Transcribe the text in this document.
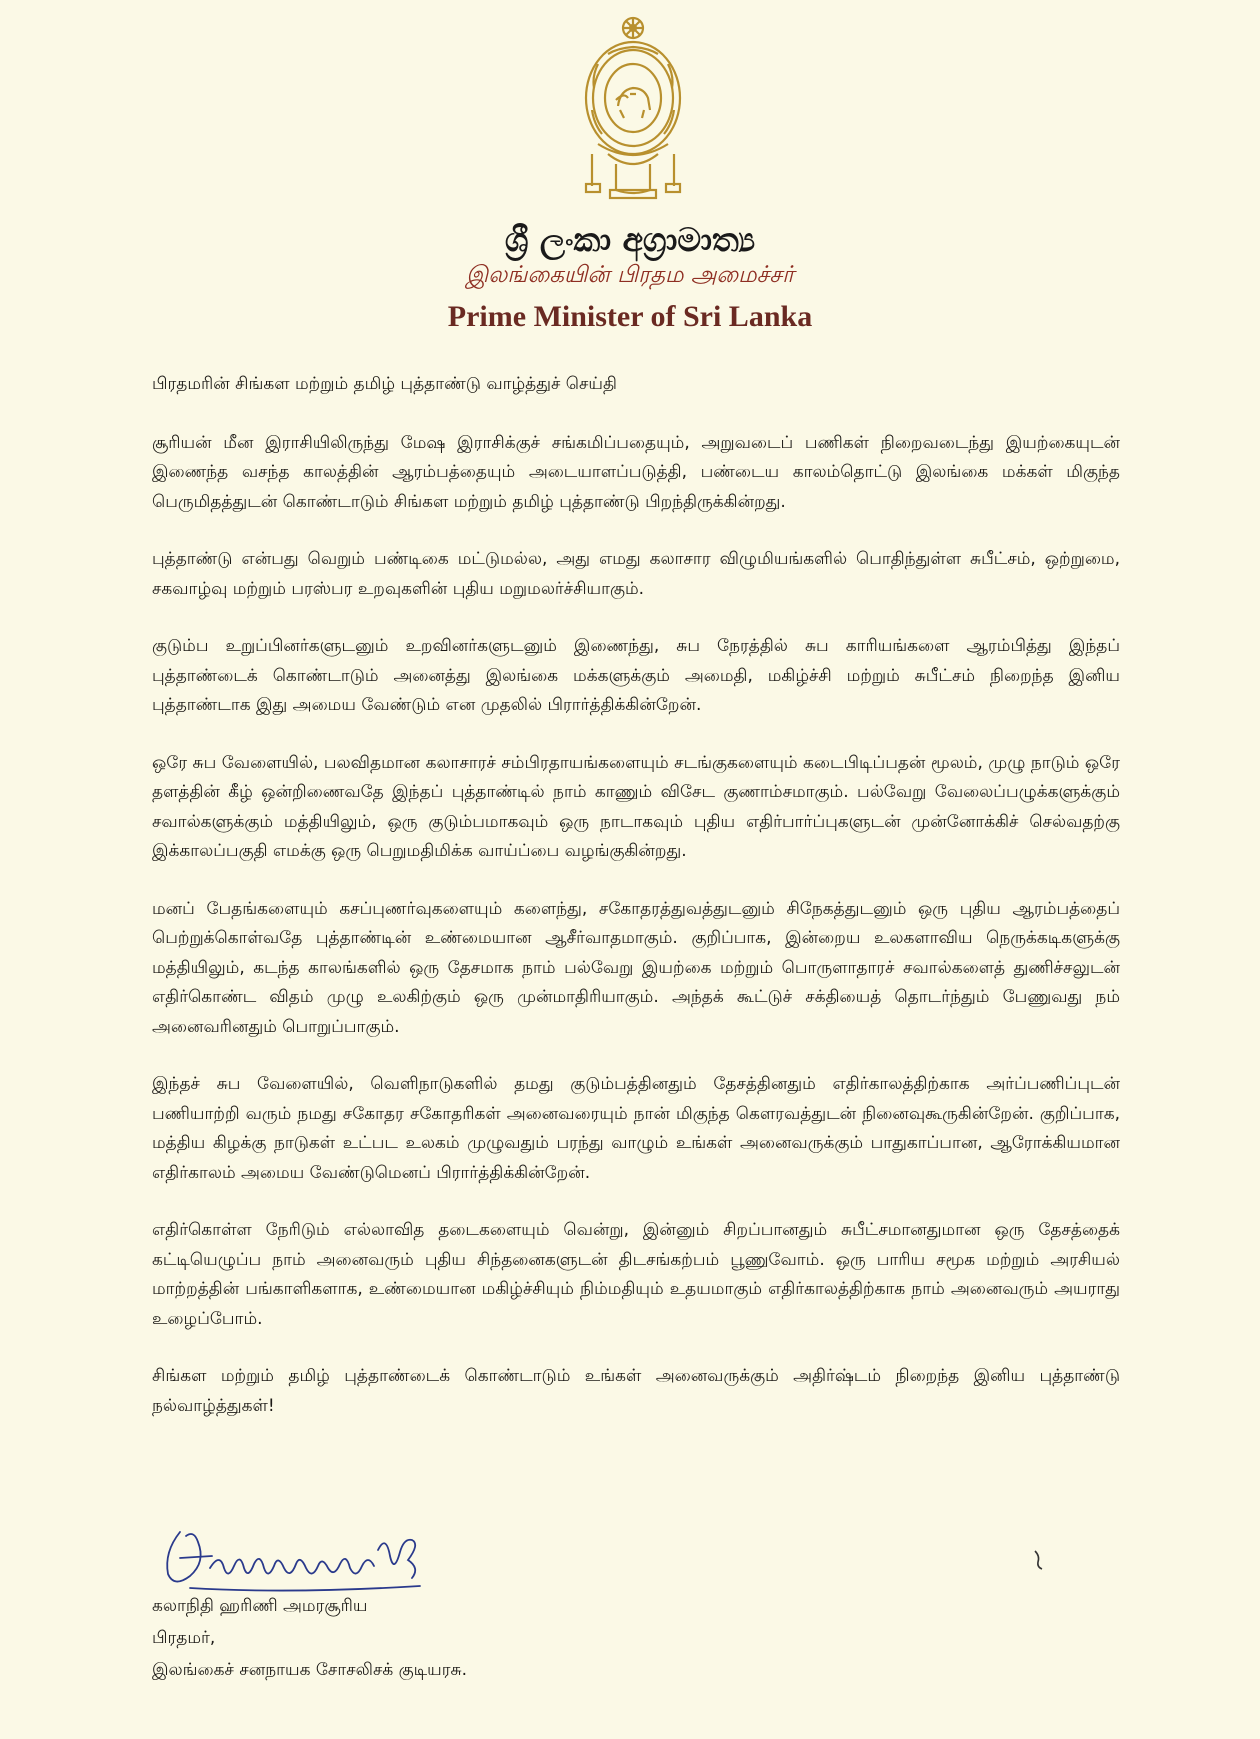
ශ්‍රී ලංකා අග්‍රාමාත්‍ය
இலங்கையின் பிரதம அமைச்சர்
Prime Minister of Sri Lanka

பிரதமரின் சிங்கள மற்றும் தமிழ் புத்தாண்டு வாழ்த்துச் செய்தி

சூரியன் மீன இராசியிலிருந்து மேஷ இராசிக்குச் சங்கமிப்பதையும், அறுவடைப் பணிகள் நிறைவடைந்து இயற்கையுடன் இணைந்த வசந்த காலத்தின் ஆரம்பத்தையும் அடையாளப்படுத்தி, பண்டைய காலம்தொட்டு இலங்கை மக்கள் மிகுந்த பெருமிதத்துடன் கொண்டாடும் சிங்கள மற்றும் தமிழ் புத்தாண்டு பிறந்திருக்கின்றது.

புத்தாண்டு என்பது வெறும் பண்டிகை மட்டுமல்ல, அது எமது கலாசார விழுமியங்களில் பொதிந்துள்ள சுபீட்சம், ஒற்றுமை, சகவாழ்வு மற்றும் பரஸ்பர உறவுகளின் புதிய மறுமலர்ச்சியாகும்.

குடும்ப உறுப்பினர்களுடனும் உறவினர்களுடனும் இணைந்து, சுப நேரத்தில் சுப காரியங்களை ஆரம்பித்து இந்தப் புத்தாண்டைக் கொண்டாடும் அனைத்து இலங்கை மக்களுக்கும் அமைதி, மகிழ்ச்சி மற்றும் சுபீட்சம் நிறைந்த இனிய புத்தாண்டாக இது அமைய வேண்டும் என முதலில் பிரார்த்திக்கின்றேன்.

ஒரே சுப வேளையில், பலவிதமான கலாசாரச் சம்பிரதாயங்களையும் சடங்குகளையும் கடைபிடிப்பதன் மூலம், முழு நாடும் ஒரே தளத்தின் கீழ் ஒன்றிணைவதே இந்தப் புத்தாண்டில் நாம் காணும் விசேட குணாம்சமாகும். பல்வேறு வேலைப்பழுக்களுக்கும் சவால்களுக்கும் மத்தியிலும், ஒரு குடும்பமாகவும் ஒரு நாடாகவும் புதிய எதிர்பார்ப்புகளுடன் முன்னோக்கிச் செல்வதற்கு இக்காலப்பகுதி எமக்கு ஒரு பெறுமதிமிக்க வாய்ப்பை வழங்குகின்றது.

மனப் பேதங்களையும் கசப்புணர்வுகளையும் களைந்து, சகோதரத்துவத்துடனும் சிநேகத்துடனும் ஒரு புதிய ஆரம்பத்தைப் பெற்றுக்கொள்வதே புத்தாண்டின் உண்மையான ஆசீர்வாதமாகும். குறிப்பாக, இன்றைய உலகளாவிய நெருக்கடிகளுக்கு மத்தியிலும், கடந்த காலங்களில் ஒரு தேசமாக நாம் பல்வேறு இயற்கை மற்றும் பொருளாதாரச் சவால்களைத் துணிச்சலுடன் எதிர்கொண்ட விதம் முழு உலகிற்கும் ஒரு முன்மாதிரியாகும். அந்தக் கூட்டுச் சக்தியைத் தொடர்ந்தும் பேணுவது நம் அனைவரினதும் பொறுப்பாகும்.

இந்தச் சுப வேளையில், வெளிநாடுகளில் தமது குடும்பத்தினதும் தேசத்தினதும் எதிர்காலத்திற்காக அர்ப்பணிப்புடன் பணியாற்றி வரும் நமது சகோதர சகோதரிகள் அனைவரையும் நான் மிகுந்த கௌரவத்துடன் நினைவுகூருகின்றேன். குறிப்பாக, மத்திய கிழக்கு நாடுகள் உட்பட உலகம் முழுவதும் பரந்து வாழும் உங்கள் அனைவருக்கும் பாதுகாப்பான, ஆரோக்கியமான எதிர்காலம் அமைய வேண்டுமெனப் பிரார்த்திக்கின்றேன்.

எதிர்கொள்ள நேரிடும் எல்லாவித தடைகளையும் வென்று, இன்னும் சிறப்பானதும் சுபீட்சமானதுமான ஒரு தேசத்தைக் கட்டியெழுப்ப நாம் அனைவரும் புதிய சிந்தனைகளுடன் திடசங்கற்பம் பூணுவோம். ஒரு பாரிய சமூக மற்றும் அரசியல் மாற்றத்தின் பங்காளிகளாக, உண்மையான மகிழ்ச்சியும் நிம்மதியும் உதயமாகும் எதிர்காலத்திற்காக நாம் அனைவரும் அயராது உழைப்போம்.

சிங்கள மற்றும் தமிழ் புத்தாண்டைக் கொண்டாடும் உங்கள் அனைவருக்கும் அதிர்ஷ்டம் நிறைந்த இனிய புத்தாண்டு நல்வாழ்த்துகள்!

கலாநிதி ஹரிணி அமரசூரிய
பிரதமர்,
இலங்கைச் சனநாயக சோசலிசக் குடியரசு.
